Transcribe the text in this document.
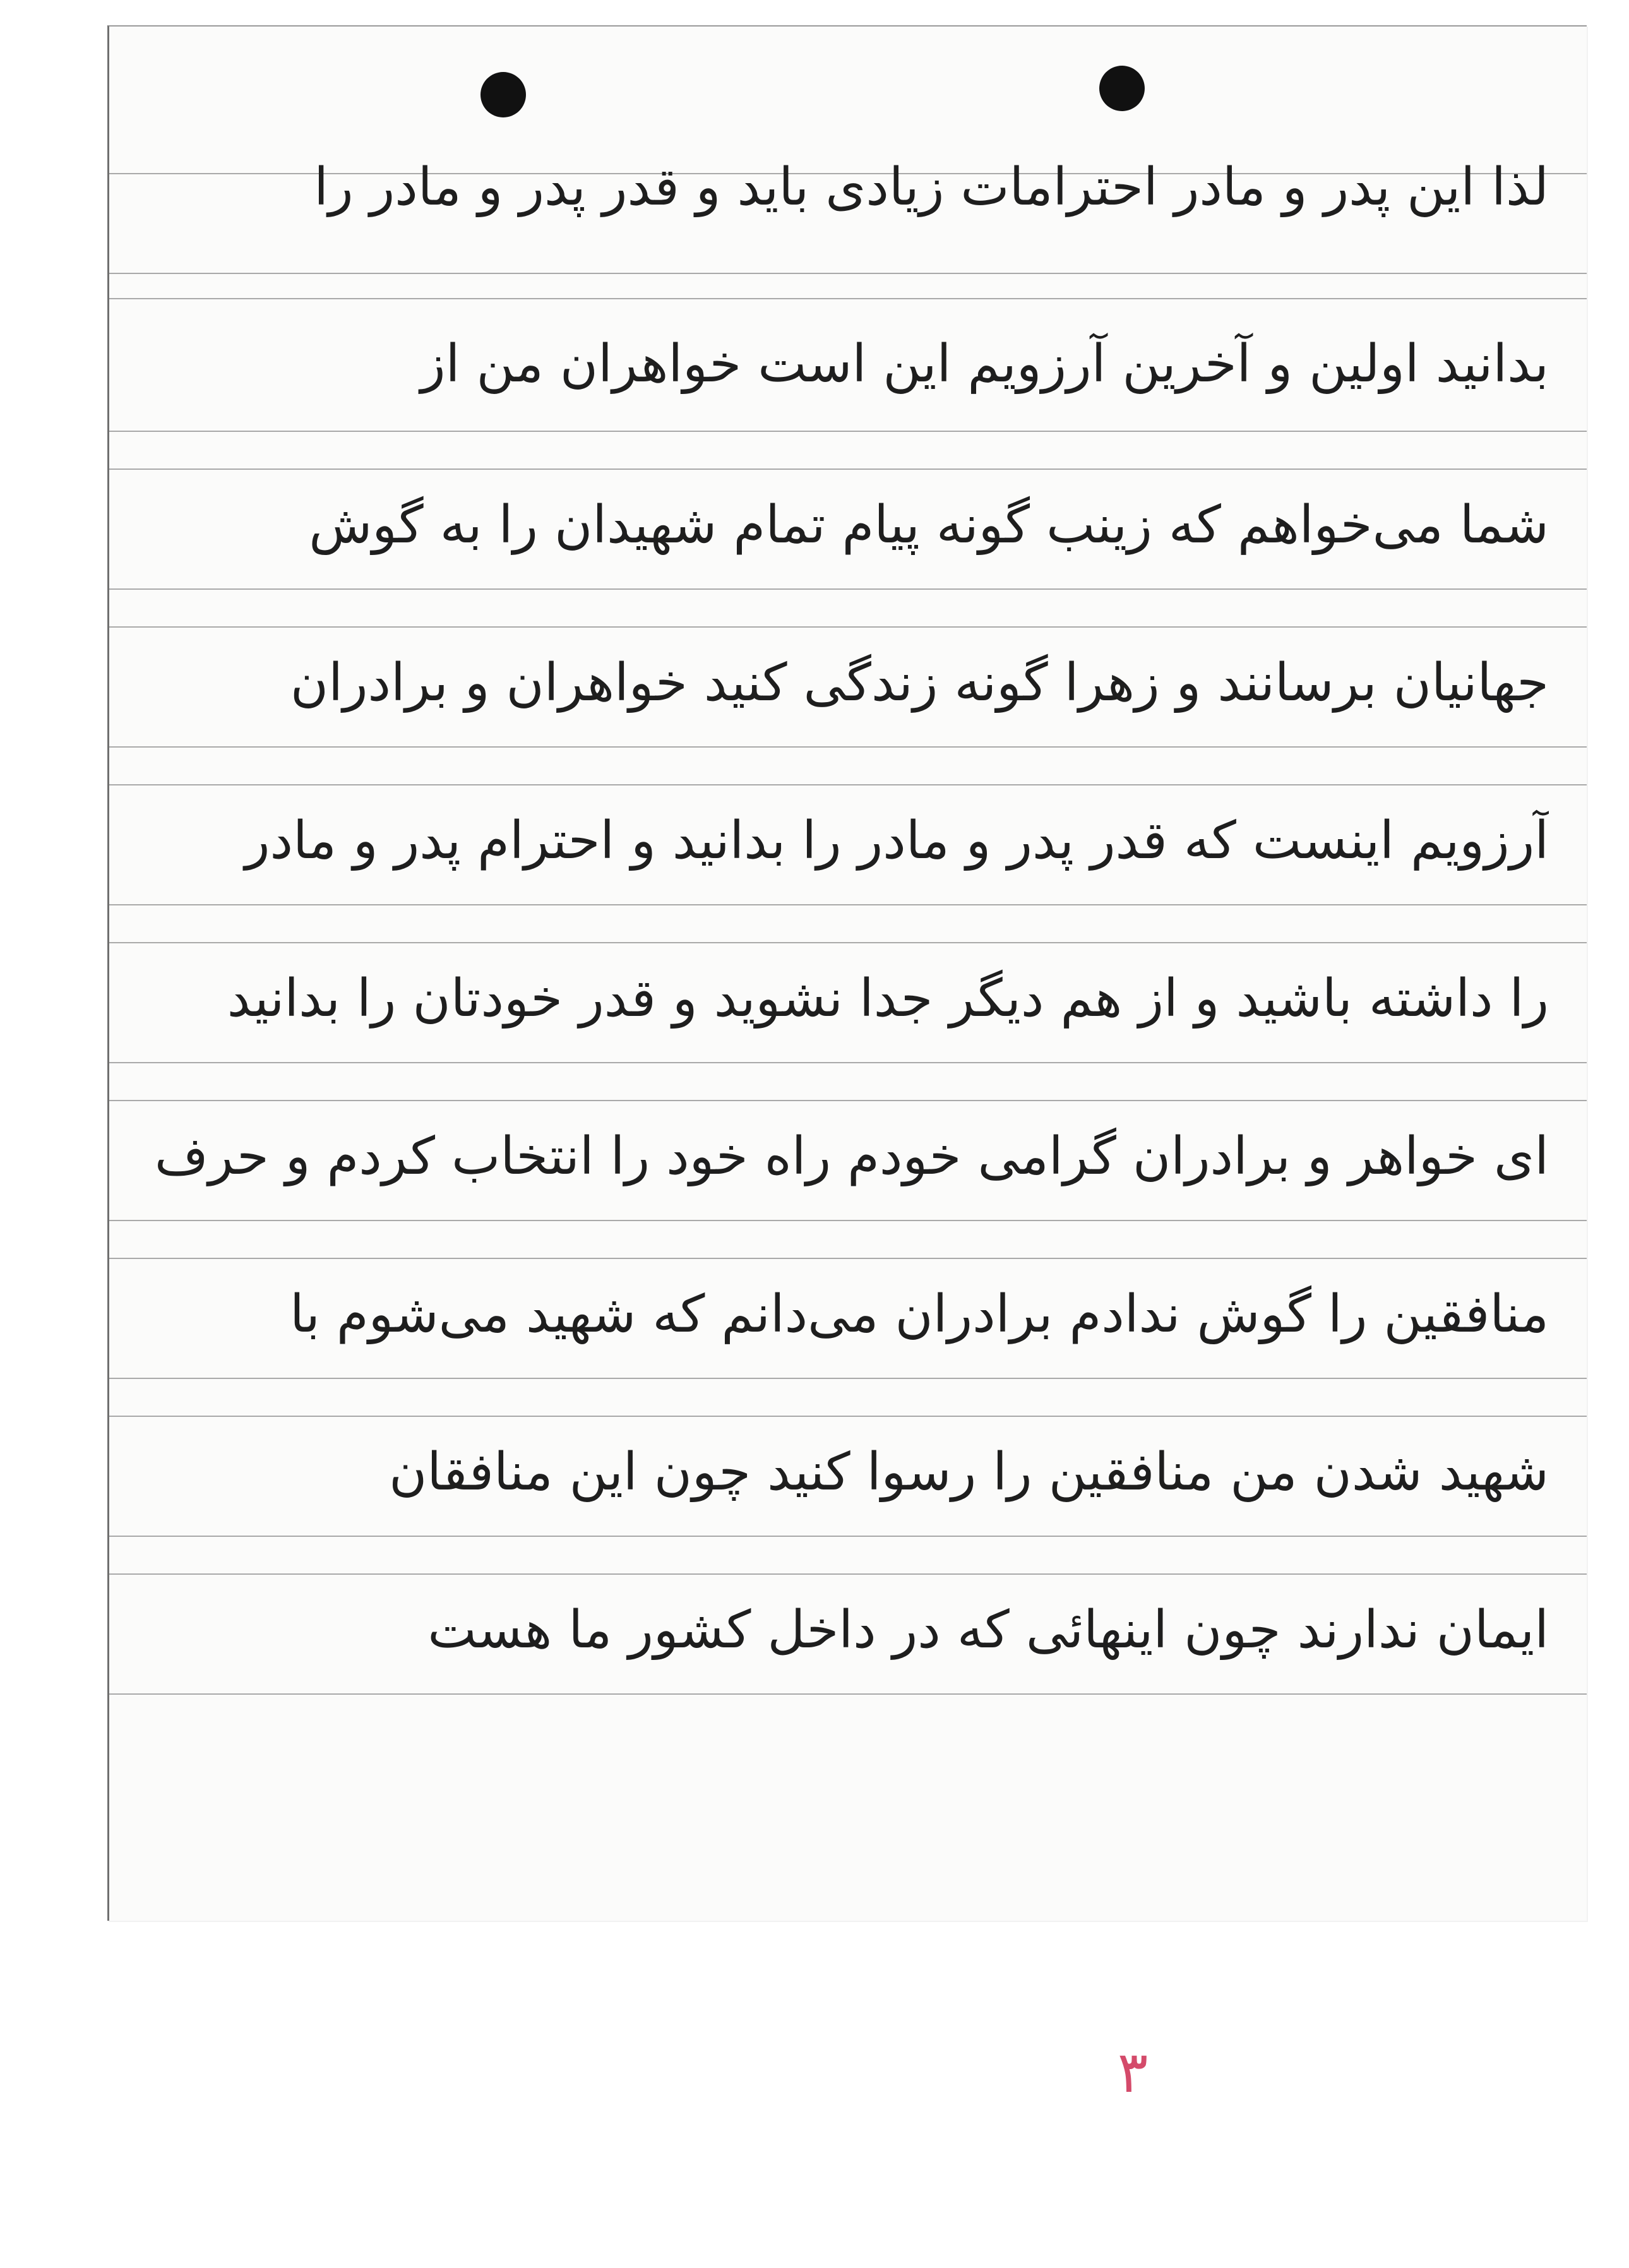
لذا این پدر و مادر احترامات زیادی باید و قدر پدر و مادر را
بدانید اولین و آخرین آرزویم این است خواهران من از
شما می‌خواهم که زینب گونه پیام تمام شهیدان را به گوش
جهانیان برسانند و زهرا گونه زندگی کنید خواهران و برادران
آرزویم اینست که قدر پدر و مادر را بدانید و احترام پدر و مادر
را داشته باشید و از هم دیگر جدا نشوید و قدر خودتان را بدانید
ای خواهر و برادران گرامی خودم راه خود را انتخاب کردم و حرف
منافقین را گوش ندادم برادران می‌دانم که شهید می‌شوم با
شهید شدن من منافقین را رسوا کنید چون این منافقان
ایمان ندارند چون اینهائی که در داخل کشور ما هست
۳
